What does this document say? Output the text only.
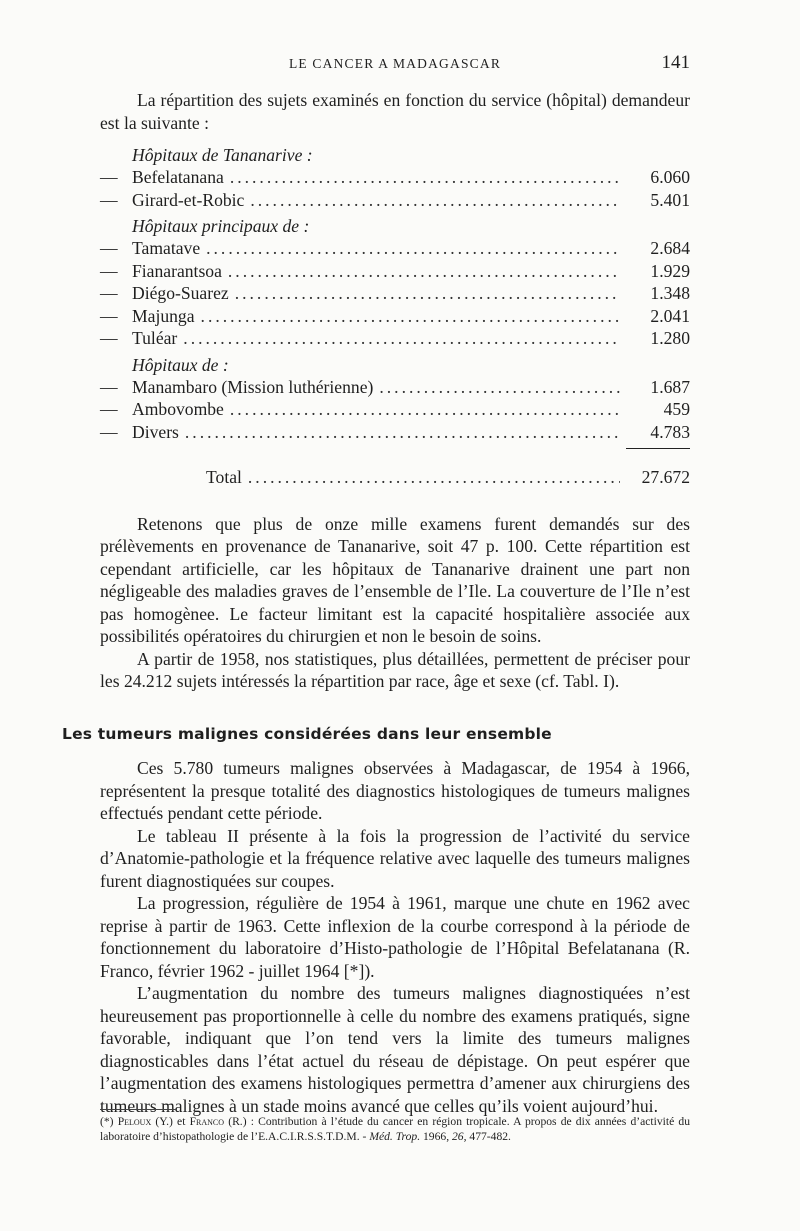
LE CANCER A MADAGASCAR	141

La répartition des sujets examinés en fonction du service (hôpital) demandeur est la suivante :

Hôpitaux de Tananarive :
— Befelatanana .....	6.060
— Girard-et-Robic .....	5.401
Hôpitaux principaux de :
— Tamatave .....	2.684
— Fianarantsoa .....	1.929
— Diégo-Suarez .....	1.348
— Majunga .....	2.041
— Tuléar .....	1.280
Hôpitaux de :
— Manambaro (Mission luthérienne) .....	1.687
— Ambovombe .....	459
— Divers .....	4.783
Total .....	27.672

Retenons que plus de onze mille examens furent demandés sur des prélèvements en provenance de Tananarive, soit 47 p. 100. Cette répartition est cependant artificielle, car les hôpitaux de Tananarive drainent une part non négligeable des maladies graves de l’ensemble de l’Ile. La couverture de l’Ile n’est pas homogènee. Le facteur limitant est la capacité hospitalière associée aux possibilités opératoires du chirurgien et non le besoin de soins.

A partir de 1958, nos statistiques, plus détaillées, permettent de préciser pour les 24.212 sujets intéressés la répartition par race, âge et sexe (cf. Tabl. I).

Les tumeurs malignes considérées dans leur ensemble

Ces 5.780 tumeurs malignes observées à Madagascar, de 1954 à 1966, représentent la presque totalité des diagnostics histologiques de tumeurs malignes effectués pendant cette période.

Le tableau II présente à la fois la progression de l’activité du service d’Anatomie-pathologie et la fréquence relative avec laquelle des tumeurs malignes furent diagnostiquées sur coupes.

La progression, régulière de 1954 à 1961, marque une chute en 1962 avec reprise à partir de 1963. Cette inflexion de la courbe correspond à la période de fonctionnement du laboratoire d’Histo-pathologie de l’Hôpital Befelatanana (R. Franco, février 1962 - juillet 1964 [*]).

L’augmentation du nombre des tumeurs malignes diagnostiquées n’est heureusement pas proportionnelle à celle du nombre des examens pratiqués, signe favorable, indiquant que l’on tend vers la limite des tumeurs malignes diagnosticables dans l’état actuel du réseau de dépistage. On peut espérer que l’augmentation des examens histologiques permettra d’amener aux chirurgiens des tumeurs malignes à un stade moins avancé que celles qu’ils voient aujourd’hui.

(*) Peloux (Y.) et Franco (R.) : Contribution à l’étude du cancer en région tropicale. A propos de dix années d’activité du laboratoire d’histopathologie de l’E.A.C.I.R.S.S.T.D.M. - Méd. Trop. 1966, 26, 477-482.
